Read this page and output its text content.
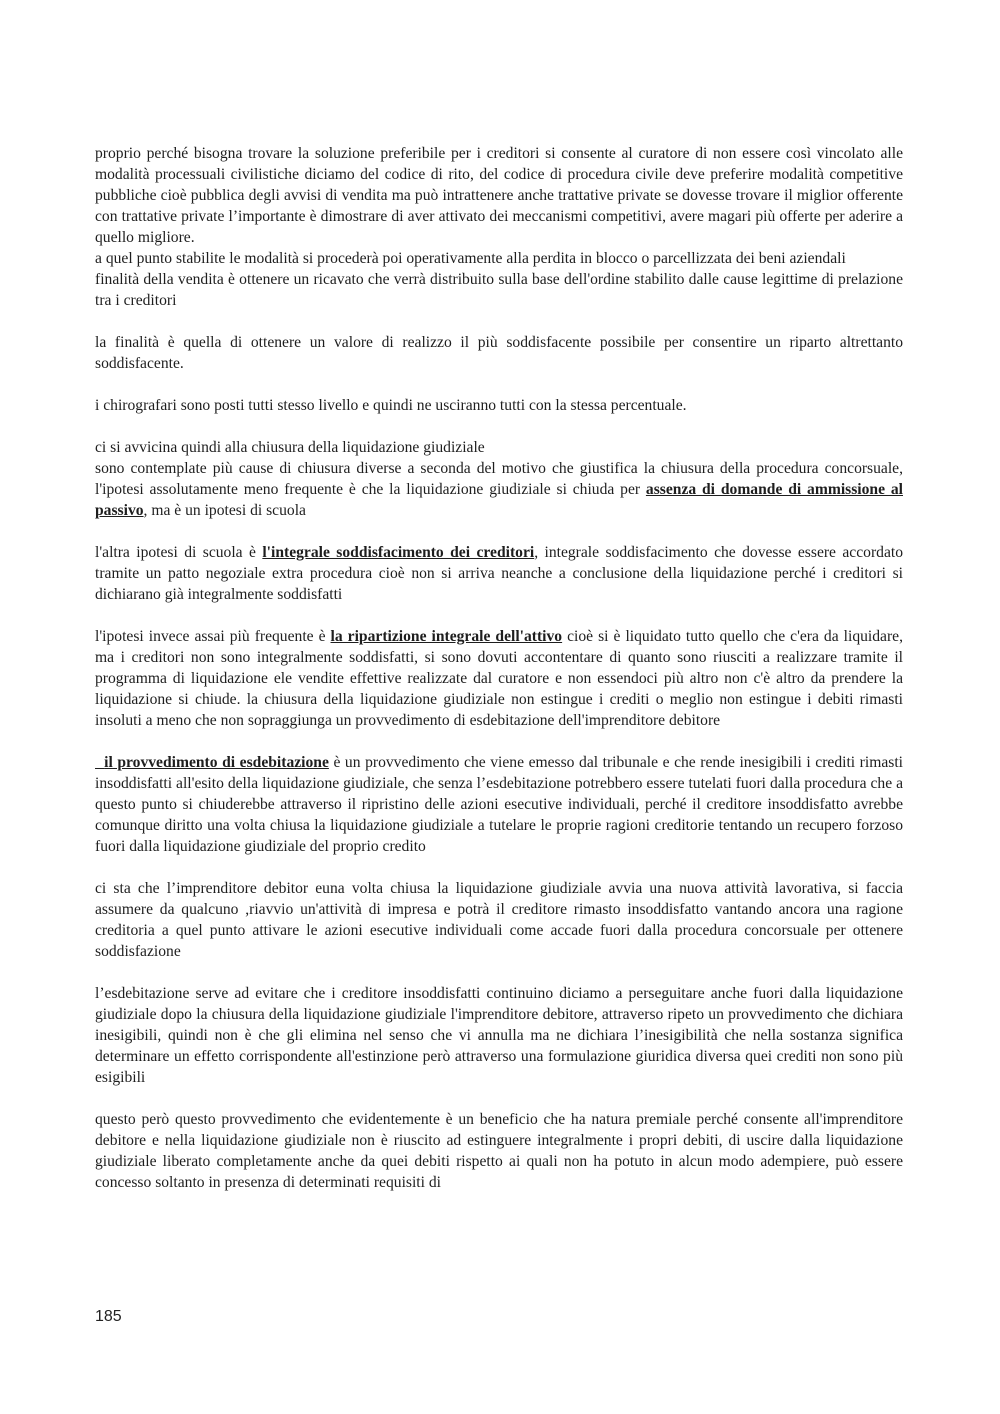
proprio perché bisogna trovare la soluzione preferibile per i creditori si consente al curatore di non essere così vincolato alle modalità processuali civilistiche diciamo del codice di rito, del codice di procedura civile deve preferire modalità competitive pubbliche cioè pubblica degli avvisi di vendita ma può intrattenere anche trattative private se dovesse trovare il miglior offerente con trattative private l’importante è dimostrare di aver attivato dei meccanismi competitivi, avere magari più offerte per aderire a quello migliore.

a quel punto stabilite le modalità si procederà poi operativamente alla perdita in blocco o parcellizzata dei beni aziendali

finalità della vendita è ottenere un ricavato che verrà distribuito sulla base dell'ordine stabilito dalle cause legittime di prelazione tra i creditori

la finalità è quella di ottenere un valore di realizzo il più soddisfacente possibile per consentire un riparto altrettanto soddisfacente.

i chirografari sono posti tutti stesso livello e quindi ne usciranno tutti con la stessa percentuale.

ci si avvicina quindi alla chiusura della liquidazione giudiziale

sono contemplate più cause di chiusura diverse a seconda del motivo che giustifica la chiusura della procedura concorsuale, l'ipotesi assolutamente meno frequente è che la liquidazione giudiziale si chiuda per assenza di domande di ammissione al passivo, ma è un ipotesi di scuola

l'altra ipotesi di scuola è l'integrale soddisfacimento dei creditori, integrale soddisfacimento che dovesse essere accordato tramite un patto negoziale extra procedura cioè non si arriva neanche a conclusione della liquidazione perché i creditori si dichiarano già integralmente soddisfatti

l'ipotesi invece assai più frequente è la ripartizione integrale dell'attivo cioè si è liquidato tutto quello che c'era da liquidare, ma i creditori non sono integralmente soddisfatti, si sono dovuti accontentare di quanto sono riusciti a realizzare tramite il programma di liquidazione ele vendite effettive realizzate dal curatore e non essendoci più altro non c'è altro da prendere la liquidazione si chiude. la chiusura della liquidazione giudiziale non estingue i crediti o meglio non estingue i debiti rimasti insoluti a meno che non sopraggiunga un provvedimento di esdebitazione dell'imprenditore debitore

il provvedimento di esdebitazione è un provvedimento che viene emesso dal tribunale e che rende inesigibili i crediti rimasti insoddisfatti all'esito della liquidazione giudiziale, che senza l’esdebitazione potrebbero essere tutelati fuori dalla procedura che a questo punto si chiuderebbe attraverso il ripristino delle azioni esecutive individuali, perché il creditore insoddisfatto avrebbe comunque diritto una volta chiusa la liquidazione giudiziale a tutelare le proprie ragioni creditorie tentando un recupero forzoso fuori dalla liquidazione giudiziale del proprio credito

ci sta che l’imprenditore debitor euna volta chiusa la liquidazione giudiziale avvia una nuova attività lavorativa, si faccia assumere da qualcuno ,riavvio un'attività di impresa e potrà il creditore rimasto insoddisfatto vantando ancora una ragione creditoria a quel punto attivare le azioni esecutive individuali come accade fuori dalla procedura concorsuale per ottenere soddisfazione

l’esdebitazione serve ad evitare che i creditore insoddisfatti continuino diciamo a perseguitare anche fuori dalla liquidazione giudiziale dopo la chiusura della liquidazione giudiziale l'imprenditore debitore, attraverso ripeto un provvedimento che dichiara inesigibili, quindi non è che gli elimina nel senso che vi annulla ma ne dichiara l’inesigibilità che nella sostanza significa determinare un effetto corrispondente all'estinzione però attraverso una formulazione giuridica diversa quei crediti non sono più esigibili

questo però questo provvedimento che evidentemente è un beneficio che ha natura premiale perché consente all'imprenditore debitore e nella liquidazione giudiziale non è riuscito ad estinguere integralmente i propri debiti, di uscire dalla liquidazione giudiziale liberato completamente anche da quei debiti rispetto ai quali non ha potuto in alcun modo adempiere, può essere concesso soltanto in presenza di determinati requisiti di

185
